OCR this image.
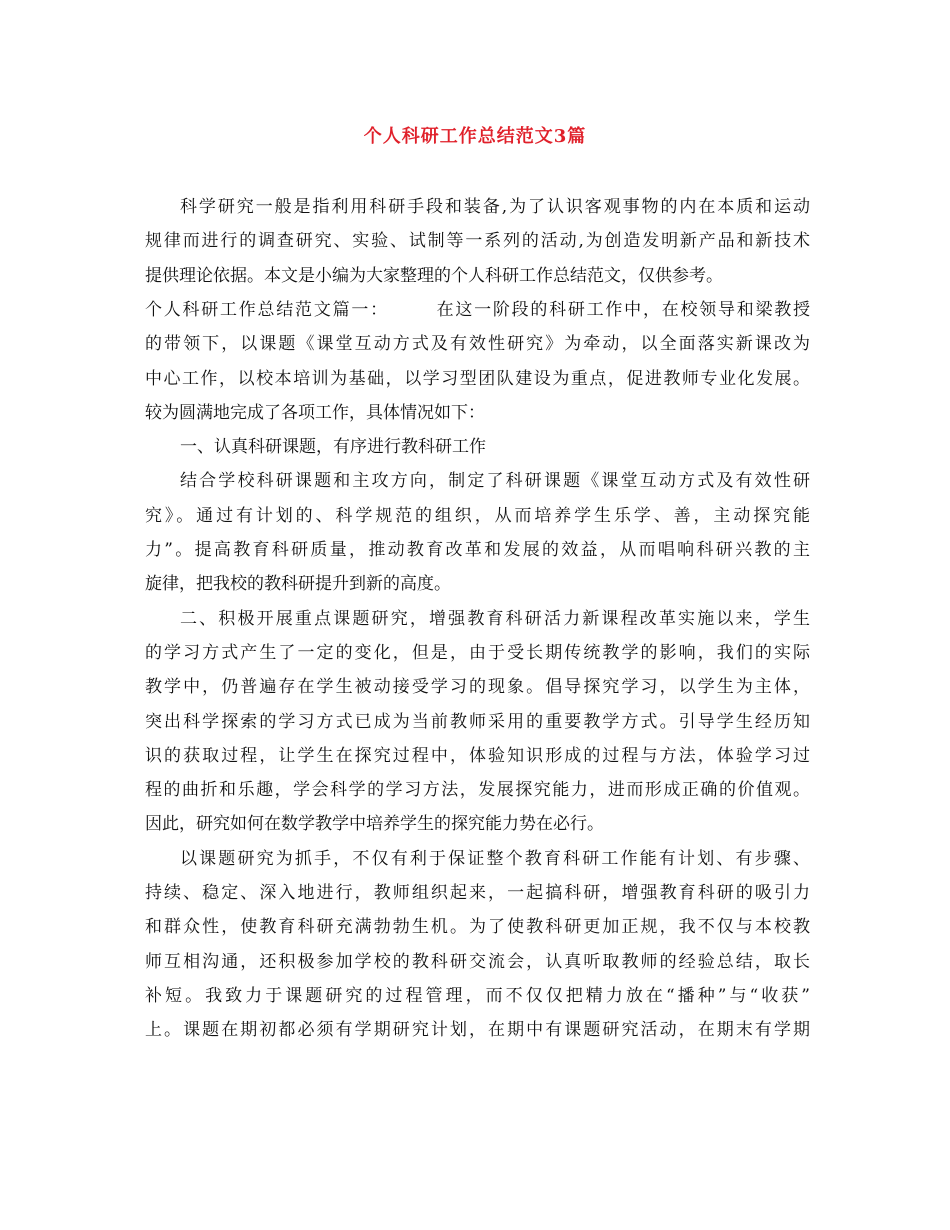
个人科研工作总结范文3篇
科学研究一般是指利用科研手段和装备,为了认识客观事物的内在本质和运动
规律而进行的调查研究、实验、试制等一系列的活动,为创造发明新产品和新技术
提供理论依据。本文是小编为大家整理的个人科研工作总结范文，仅供参考。
个人科研工作总结范文篇一：　　　在这一阶段的科研工作中，在校领导和梁教授
的带领下，以课题《课堂互动方式及有效性研究》为牵动，以全面落实新课改为
中心工作，以校本培训为基础，以学习型团队建设为重点，促进教师专业化发展。
较为圆满地完成了各项工作，具体情况如下：
一、认真科研课题，有序进行教科研工作
结合学校科研课题和主攻方向，制定了科研课题《课堂互动方式及有效性研
究》。通过有计划的、科学规范的组织，从而培养学生乐学、善，主动探究能
力”。提高教育科研质量，推动教育改革和发展的效益，从而唱响科研兴教的主
旋律，把我校的教科研提升到新的高度。
二、积极开展重点课题研究，增强教育科研活力新课程改革实施以来，学生
的学习方式产生了一定的变化，但是，由于受长期传统教学的影响，我们的实际
教学中，仍普遍存在学生被动接受学习的现象。倡导探究学习，以学生为主体，
突出科学探索的学习方式已成为当前教师采用的重要教学方式。引导学生经历知
识的获取过程，让学生在探究过程中，体验知识形成的过程与方法，体验学习过
程的曲折和乐趣，学会科学的学习方法，发展探究能力，进而形成正确的价值观。
因此，研究如何在数学教学中培养学生的探究能力势在必行。
以课题研究为抓手，不仅有利于保证整个教育科研工作能有计划、有步骤、
持续、稳定、深入地进行，教师组织起来，一起搞科研，增强教育科研的吸引力
和群众性，使教育科研充满勃勃生机。为了使教科研更加正规，我不仅与本校教
师互相沟通，还积极参加学校的教科研交流会，认真听取教师的经验总结，取长
补短。我致力于课题研究的过程管理，而不仅仅把精力放在“播种”与“收获”
上。课题在期初都必须有学期研究计划，在期中有课题研究活动，在期末有学期
